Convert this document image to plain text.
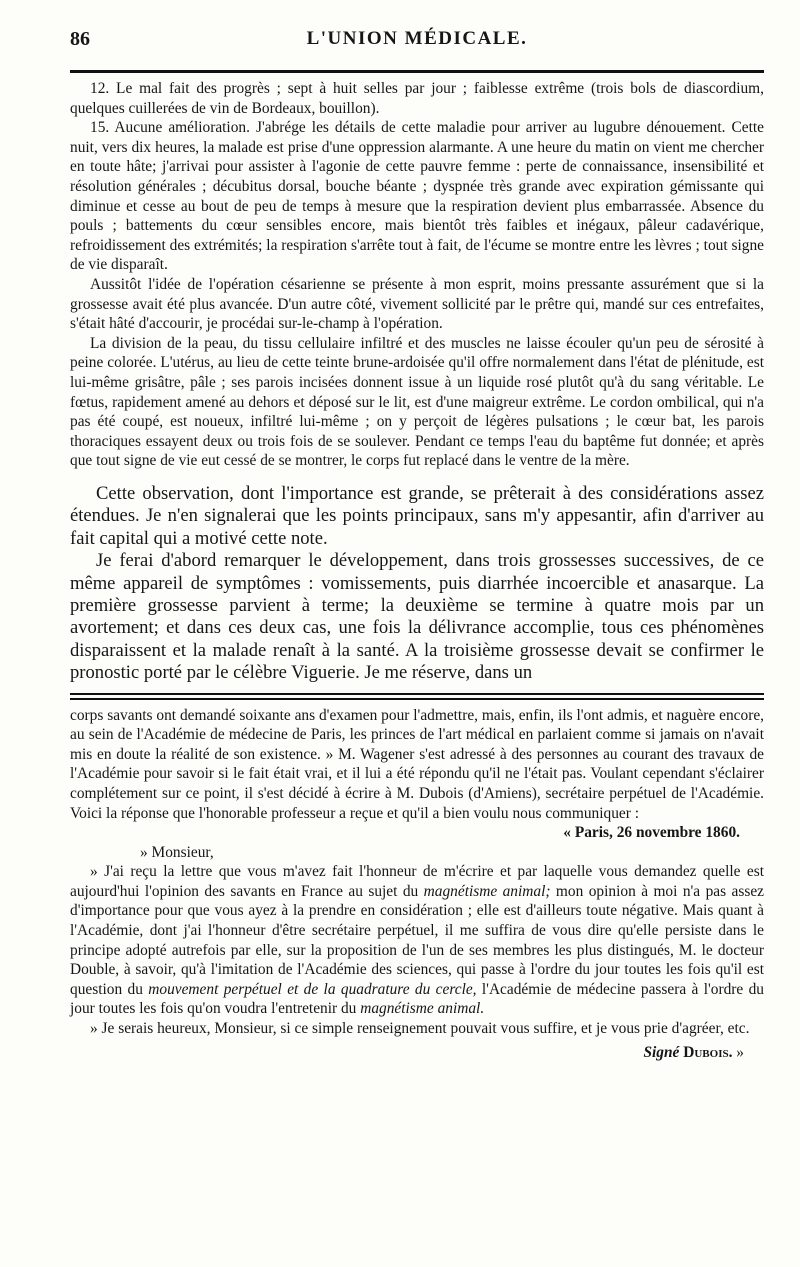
86	L'UNION MÉDICALE.

12. Le mal fait des progrès ; sept à huit selles par jour ; faiblesse extrême (trois bols de diascordium, quelques cuillerées de vin de Bordeaux, bouillon).

15. Aucune amélioration. J'abrége les détails de cette maladie pour arriver au lugubre dénouement. Cette nuit, vers dix heures, la malade est prise d'une oppression alarmante. A une heure du matin on vient me chercher en toute hâte; j'arrivai pour assister à l'agonie de cette pauvre femme : perte de connaissance, insensibilité et résolution générales ; décubitus dorsal, bouche béante ; dyspnée très grande avec expiration gémissante qui diminue et cesse au bout de peu de temps à mesure que la respiration devient plus embarrassée. Absence du pouls ; battements du cœur sensibles encore, mais bientôt très faibles et inégaux, pâleur cadavérique, refroidissement des extrémités; la respiration s'arrête tout à fait, de l'écume se montre entre les lèvres ; tout signe de vie disparaît.

Aussitôt l'idée de l'opération césarienne se présente à mon esprit, moins pressante assurément que si la grossesse avait été plus avancée. D'un autre côté, vivement sollicité par le prêtre qui, mandé sur ces entrefaites, s'était hâté d'accourir, je procédai sur-le-champ à l'opération.

La division de la peau, du tissu cellulaire infiltré et des muscles ne laisse écouler qu'un peu de sérosité à peine colorée. L'utérus, au lieu de cette teinte brune-ardoisée qu'il offre normalement dans l'état de plénitude, est lui-même grisâtre, pâle ; ses parois incisées donnent issue à un liquide rosé plutôt qu'à du sang véritable. Le fœtus, rapidement amené au dehors et déposé sur le lit, est d'une maigreur extrême. Le cordon ombilical, qui n'a pas été coupé, est noueux, infiltré lui-même ; on y perçoit de légères pulsations ; le cœur bat, les parois thoraciques essayent deux ou trois fois de se soulever. Pendant ce temps l'eau du baptême fut donnée; et après que tout signe de vie eut cessé de se montrer, le corps fut replacé dans le ventre de la mère.

Cette observation, dont l'importance est grande, se prêterait à des considérations assez étendues. Je n'en signalerai que les points principaux, sans m'y appesantir, afin d'arriver au fait capital qui a motivé cette note.

Je ferai d'abord remarquer le développement, dans trois grossesses successives, de ce même appareil de symptômes : vomissements, puis diarrhée incoercible et anasarque. La première grossesse parvient à terme; la deuxième se termine à quatre mois par un avortement; et dans ces deux cas, une fois la délivrance accomplie, tous ces phénomènes disparaissent et la malade renaît à la santé. A la troisième grossesse devait se confirmer le pronostic porté par le célèbre Viguerie. Je me réserve, dans un

corps savants ont demandé soixante ans d'examen pour l'admettre, mais, enfin, ils l'ont admis, et naguère encore, au sein de l'Académie de médecine de Paris, les princes de l'art médical en parlaient comme si jamais on n'avait mis en doute la réalité de son existence. » M. Wagener s'est adressé à des personnes au courant des travaux de l'Académie pour savoir si le fait était vrai, et il lui a été répondu qu'il ne l'était pas. Voulant cependant s'éclairer complétement sur ce point, il s'est décidé à écrire à M. Dubois (d'Amiens), secrétaire perpétuel de l'Académie. Voici la réponse que l'honorable professeur a reçue et qu'il a bien voulu nous communiquer :

« Paris, 26 novembre 1860.

» Monsieur,

» J'ai reçu la lettre que vous m'avez fait l'honneur de m'écrire et par laquelle vous demandez quelle est aujourd'hui l'opinion des savants en France au sujet du magnétisme animal; mon opinion à moi n'a pas assez d'importance pour que vous ayez à la prendre en considération ; elle est d'ailleurs toute négative. Mais quant à l'Académie, dont j'ai l'honneur d'être secrétaire perpétuel, il me suffira de vous dire qu'elle persiste dans le principe adopté autrefois par elle, sur la proposition de l'un de ses membres les plus distingués, M. le docteur Double, à savoir, qu'à l'imitation de l'Académie des sciences, qui passe à l'ordre du jour toutes les fois qu'il est question du mouvement perpétuel et de la quadrature du cercle, l'Académie de médecine passera à l'ordre du jour toutes les fois qu'on voudra l'entretenir du magnétisme animal.

» Je serais heureux, Monsieur, si ce simple renseignement pouvait vous suffire, et je vous prie d'agréer, etc.

Signé Dubois. »
